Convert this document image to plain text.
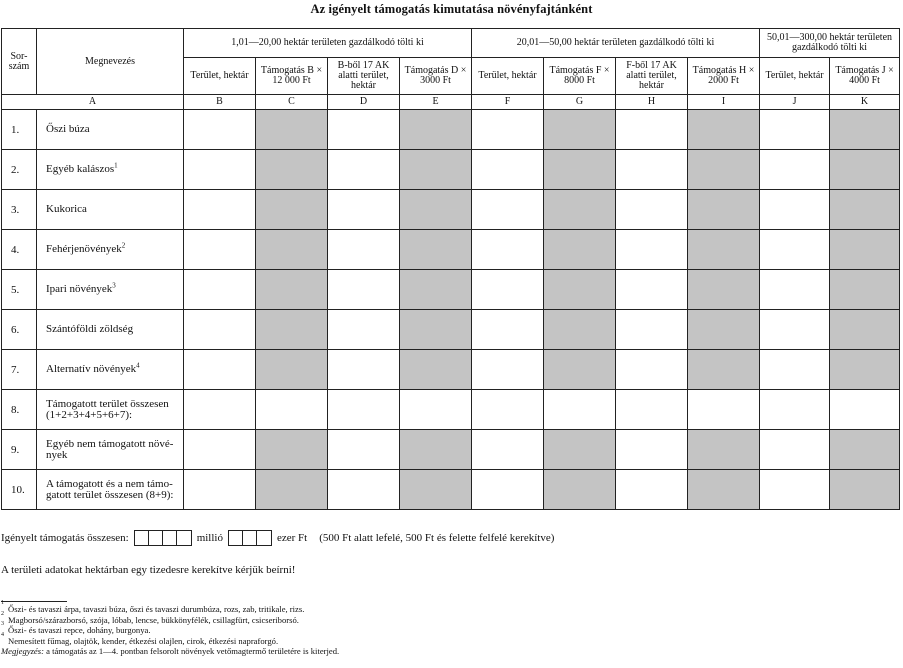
Az igényelt támogatás kimutatása növényfajtánként
Sor- szám	Megnevezés	1,01—20,00 hektár területen gazdálkodó tölti ki				20,01—50,00 hektár területen gazdálkodó tölti ki				50,01—300,00 hektár területen gazdálkodó tölti ki	
		Terület, hektár	Támogatás B × 12 000 Ft	B-ből 17 AK alatti terület, hektár	Támogatás D × 3000 Ft	Terület, hektár	Támogatás F × 8000 Ft	F-ből 17 AK alatti terület, hektár	Támogatás H × 2000 Ft	Terület, hektár	Támogatás J × 4000 Ft
A		B	C	D	E	F	G	H	I	J	K
1.	Őszi búza										
2.	Egyéb kalászos$^1$										
3.	Kukorica										
4.	Fehérjenövények$^2$										
5.	Ipari növények$^3$										
6.	Szántóföldi zöldség										
7.	Alternatív növények$^4$										
8.	Támogatott terület összesen (1+2+3+4+5+6+7):										
9.	Egyéb nem támogatott növé- nyek										
10.	A támogatott és a nem támo- gatott terület összesen (8+9):										
Igényelt támogatás összesen:	millió	ezer Ft (500 Ft alatt lefelé, 500 Ft és felette felfelé kerekítve)
A területi adatokat hektárban egy tizedesre kerekítve kérjük beírni!
$^1$Őszi- és tavaszi árpa, tavaszi búza, őszi és tavaszi durumbúza, rozs, zab, tritikale, rizs.
$^2$Magborsó/szárazborsó, szója, lóbab, lencse, bükkönyfélék, csillagfürt, csicseriborsó.
$^3$Őszi- és tavaszi repce, dohány, burgonya.
$^4$Nemesített fűmag, olajtök, kender, étkezési olajlen, cirok, étkezési napraforgó.
Megjegyzés: a támogatás az 1—4. pontban felsorolt növények vetőmagtermő területére is kiterjed.
